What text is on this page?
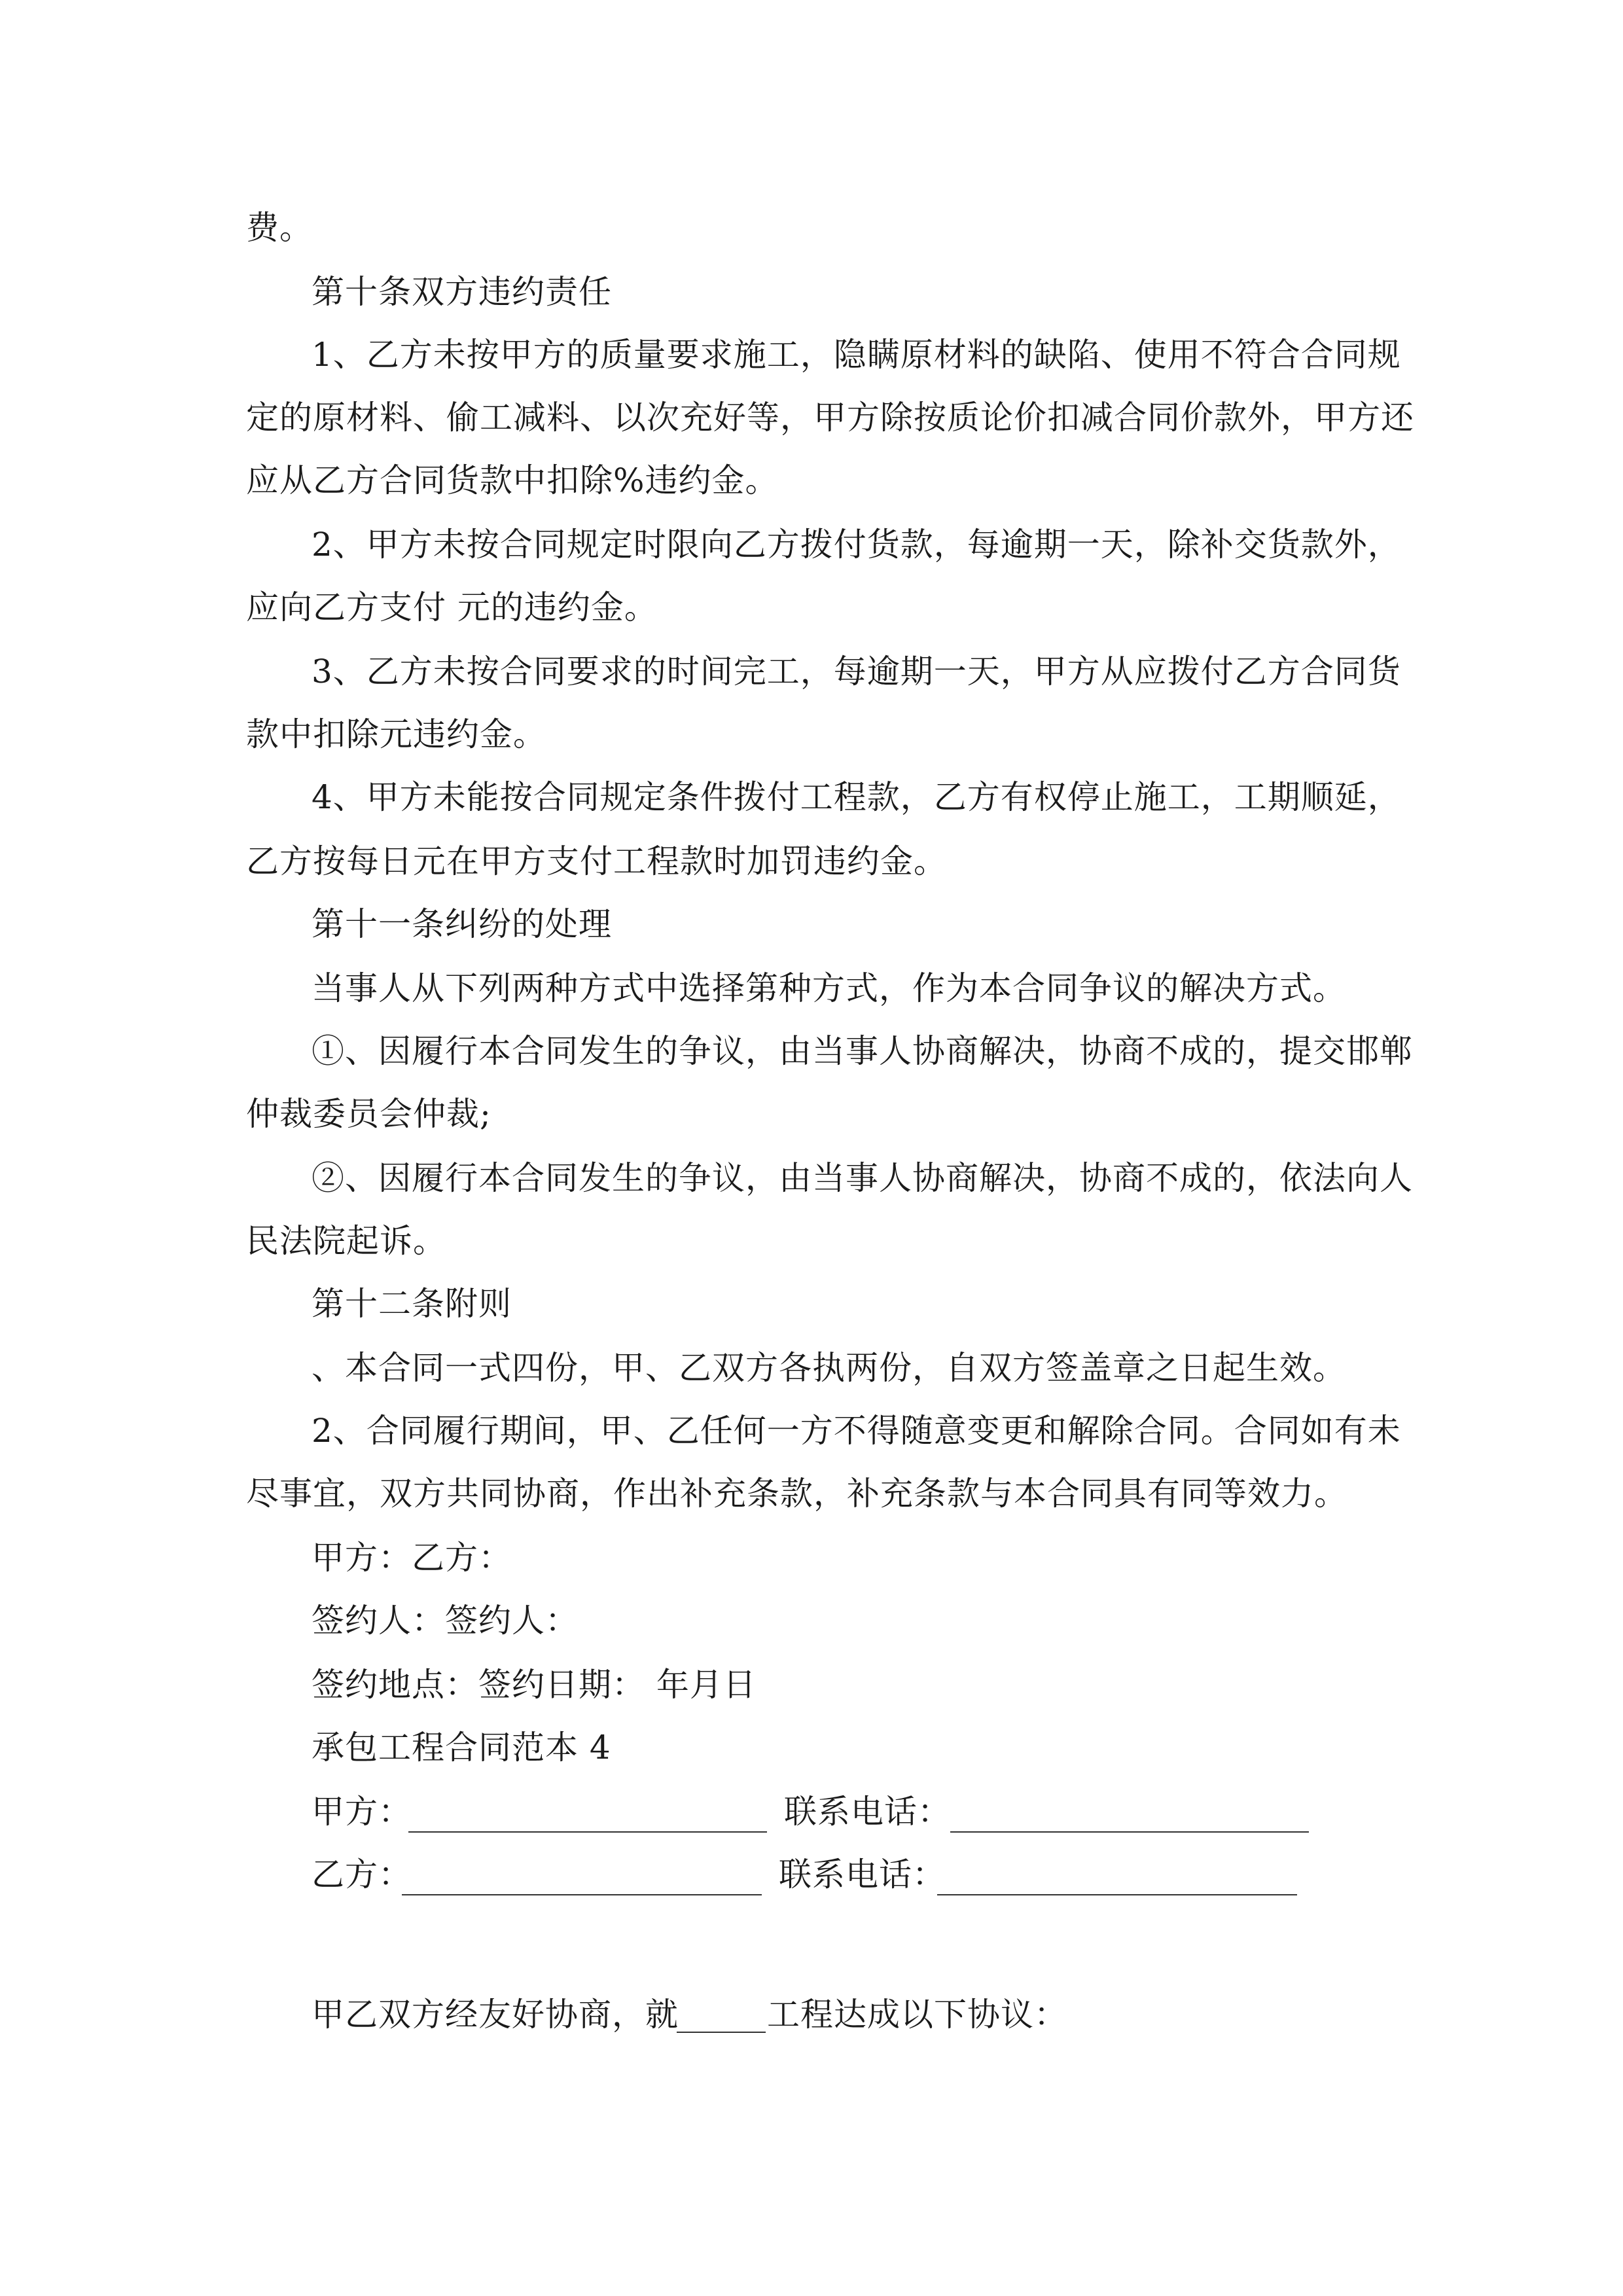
费。
第十条双方违约责任
1、乙方未按甲方的质量要求施工，隐瞒原材料的缺陷、使用不符合合同规
定的原材料、偷工减料、以次充好等，甲方除按质论价扣减合同价款外，甲方还
应从乙方合同货款中扣除%违约金。
2、甲方未按合同规定时限向乙方拨付货款，每逾期一天，除补交货款外，
应向乙方支付 元的违约金。
3、乙方未按合同要求的时间完工，每逾期一天，甲方从应拨付乙方合同货
款中扣除元违约金。
4、甲方未能按合同规定条件拨付工程款，乙方有权停止施工，工期顺延，
乙方按每日元在甲方支付工程款时加罚违约金。
第十一条纠纷的处理
当事人从下列两种方式中选择第种方式，作为本合同争议的解决方式。
①、因履行本合同发生的争议，由当事人协商解决，协商不成的，提交邯郸
仲裁委员会仲裁;
②、因履行本合同发生的争议，由当事人协商解决，协商不成的，依法向人
民法院起诉。
第十二条附则
、本合同一式四份，甲、乙双方各执两份，自双方签盖章之日起生效。
2、合同履行期间，甲、乙任何一方不得随意变更和解除合同。合同如有未
尽事宜，双方共同协商，作出补充条款，补充条款与本合同具有同等效力。
甲方：乙方：
签约人：签约人：
签约地点：签约日期： 年月日
承包工程合同范本 4
甲方：	联系电话：
乙方：	联系电话：
甲乙双方经友好协商，就	工程达成以下协议：
